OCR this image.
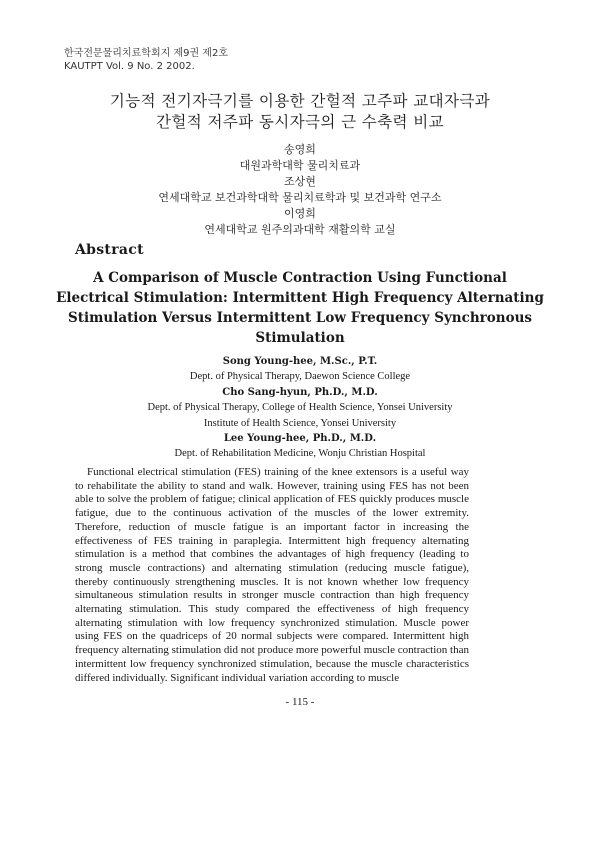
한국전문물리치료학회지 제9권 제2호
KAUTPT Vol. 9 No. 2 2002.
기능적 전기자극기를 이용한 간헐적 고주파 교대자극과
간헐적 저주파 동시자극의 근 수축력 비교
송영희
대원과학대학 물리치료과
조상현
연세대학교 보건과학대학 물리치료학과 및 보건과학 연구소
이영희
연세대학교 원주의과대학 재활의학 교실
Abstract
A Comparison of Muscle Contraction Using Functional
Electrical Stimulation: Intermittent High Frequency Alternating
Stimulation Versus Intermittent Low Frequency Synchronous
Stimulation
Song Young-hee, M.Sc., P.T.
Dept. of Physical Therapy, Daewon Science College
Cho Sang-hyun, Ph.D., M.D.
Dept. of Physical Therapy, College of Health Science, Yonsei University
Institute of Health Science, Yonsei University
Lee Young-hee, Ph.D., M.D.
Dept. of Rehabilitation Medicine, Wonju Christian Hospital
Functional electrical stimulation (FES) training of the knee extensors is a useful way to rehabilitate the ability to stand and walk. However, training using FES has not been able to solve the problem of fatigue; clinical application of FES quickly produces muscle fatigue, due to the continuous activation of the muscles of the lower extremity. Therefore, reduction of muscle fatigue is an important factor in increasing the effectiveness of FES training in paraplegia. Intermittent high frequency alternating stimulation is a method that combines the advantages of high frequency (leading to strong muscle contractions) and alternating stimulation (reducing muscle fatigue), thereby continuously strengthening muscles. It is not known whether low frequency simultaneous stimulation results in stronger muscle contraction than high frequency alternating stimulation. This study compared the effectiveness of high frequency alternating stimulation with low frequency synchronized stimulation. Muscle power using FES on the quadriceps of 20 normal subjects were compared. Intermittent high frequency alternating stimulation did not produce more powerful muscle contraction than intermittent low frequency synchronized stimulation, because the muscle characteristics differed individually. Significant individual variation according to muscle
- 115 -
